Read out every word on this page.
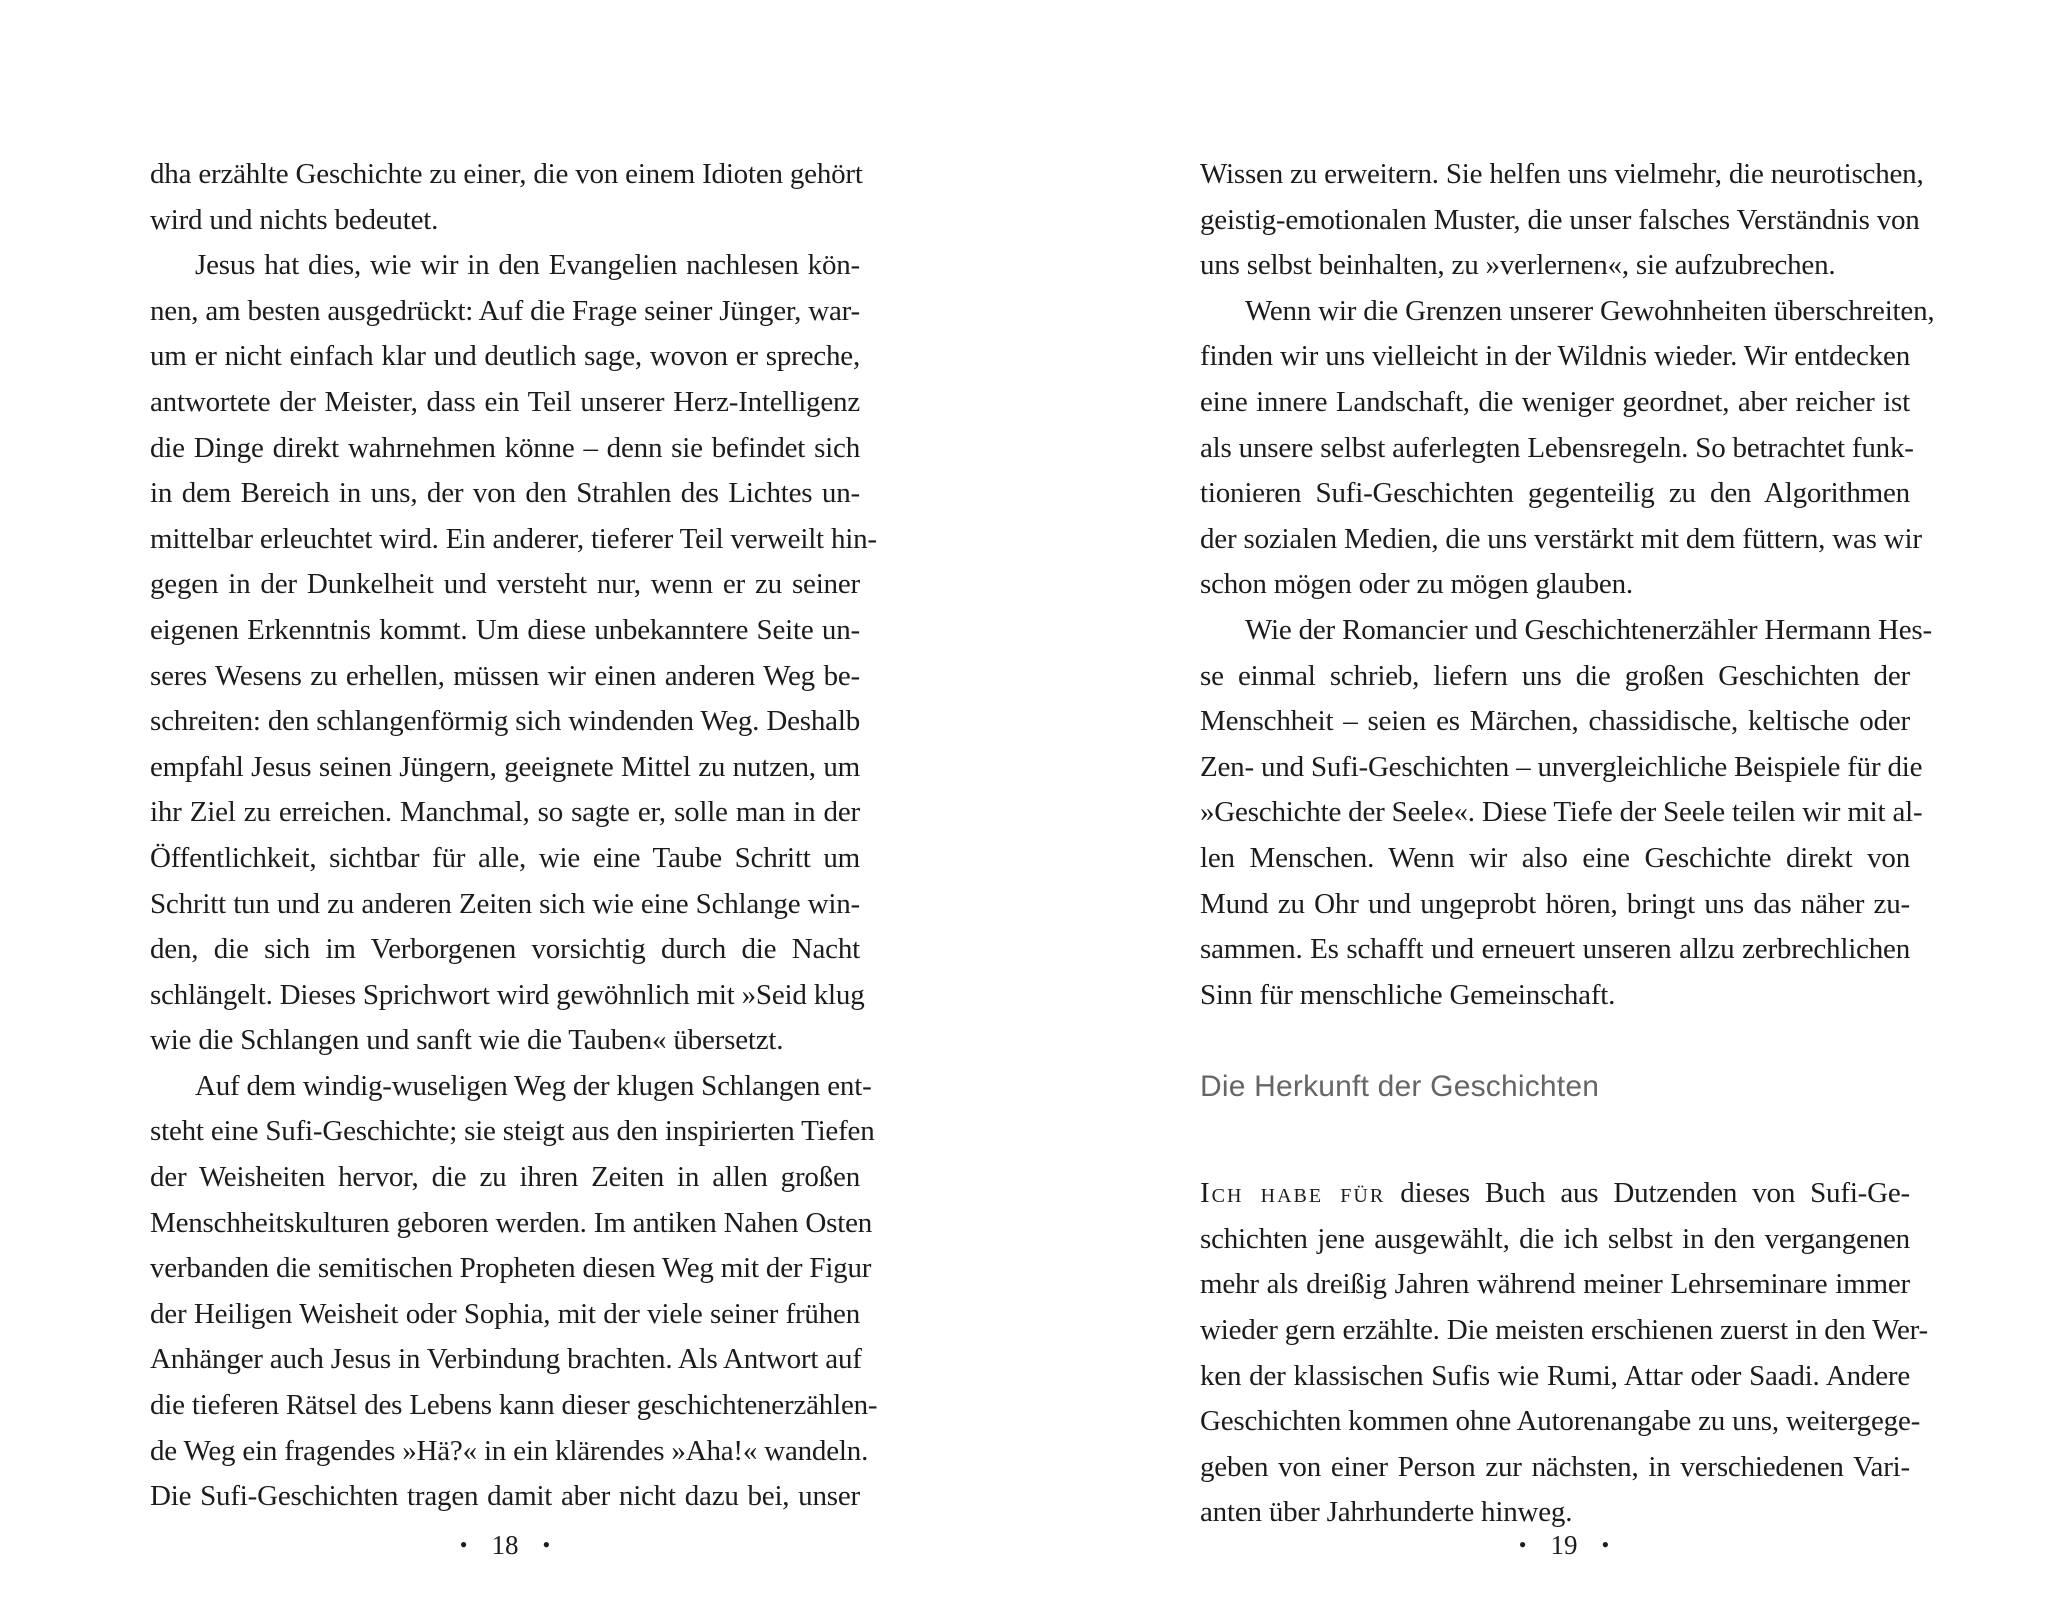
dha erzählte Geschichte zu einer, die von einem Idioten gehört
wird und nichts bedeutet.
Jesus hat dies, wie wir in den Evangelien nachlesen kön-
nen, am besten ausgedrückt: Auf die Frage seiner Jünger, war-
um er nicht einfach klar und deutlich sage, wovon er spreche,
antwortete der Meister, dass ein Teil unserer Herz-Intelligenz
die Dinge direkt wahrnehmen könne – denn sie befindet sich
in dem Bereich in uns, der von den Strahlen des Lichtes un-
mittelbar erleuchtet wird. Ein anderer, tieferer Teil verweilt hin-
gegen in der Dunkelheit und versteht nur, wenn er zu seiner
eigenen Erkenntnis kommt. Um diese unbekanntere Seite un-
seres Wesens zu erhellen, müssen wir einen anderen Weg be-
schreiten: den schlangenförmig sich windenden Weg. Deshalb
empfahl Jesus seinen Jüngern, geeignete Mittel zu nutzen, um
ihr Ziel zu erreichen. Manchmal, so sagte er, solle man in der
Öffentlichkeit, sichtbar für alle, wie eine Taube Schritt um
Schritt tun und zu anderen Zeiten sich wie eine Schlange win-
den, die sich im Verborgenen vorsichtig durch die Nacht
schlängelt. Dieses Sprichwort wird gewöhnlich mit »Seid klug
wie die Schlangen und sanft wie die Tauben« übersetzt.
Auf dem windig-wuseligen Weg der klugen Schlangen ent-
steht eine Sufi-Geschichte; sie steigt aus den inspirierten Tiefen
der Weisheiten hervor, die zu ihren Zeiten in allen großen
Menschheitskulturen geboren werden. Im antiken Nahen Osten
verbanden die semitischen Propheten diesen Weg mit der Figur
der Heiligen Weisheit oder Sophia, mit der viele seiner frühen
Anhänger auch Jesus in Verbindung brachten. Als Antwort auf
die tieferen Rätsel des Lebens kann dieser geschichtenerzählen-
de Weg ein fragendes »Hä?« in ein klärendes »Aha!« wandeln.
Die Sufi-Geschichten tragen damit aber nicht dazu bei, unser
• 18 •
Wissen zu erweitern. Sie helfen uns vielmehr, die neurotischen,
geistig-emotionalen Muster, die unser falsches Verständnis von
uns selbst beinhalten, zu »verlernen«, sie aufzubrechen.
Wenn wir die Grenzen unserer Gewohnheiten überschreiten,
finden wir uns vielleicht in der Wildnis wieder. Wir entdecken
eine innere Landschaft, die weniger geordnet, aber reicher ist
als unsere selbst auferlegten Lebensregeln. So betrachtet funk-
tionieren Sufi-Geschichten gegenteilig zu den Algorithmen
der sozialen Medien, die uns verstärkt mit dem füttern, was wir
schon mögen oder zu mögen glauben.
Wie der Romancier und Geschichtenerzähler Hermann Hes-
se einmal schrieb, liefern uns die großen Geschichten der
Menschheit – seien es Märchen, chassidische, keltische oder
Zen- und Sufi-Geschichten – unvergleichliche Beispiele für die
»Geschichte der Seele«. Diese Tiefe der Seele teilen wir mit al-
len Menschen. Wenn wir also eine Geschichte direkt von
Mund zu Ohr und ungeprobt hören, bringt uns das näher zu-
sammen. Es schafft und erneuert unseren allzu zerbrechlichen
Sinn für menschliche Gemeinschaft.
Die Herkunft der Geschichten
Ich habe für dieses Buch aus Dutzenden von Sufi-Ge-
schichten jene ausgewählt, die ich selbst in den vergangenen
mehr als dreißig Jahren während meiner Lehrseminare immer
wieder gern erzählte. Die meisten erschienen zuerst in den Wer-
ken der klassischen Sufis wie Rumi, Attar oder Saadi. Andere
Geschichten kommen ohne Autorenangabe zu uns, weitergege-
geben von einer Person zur nächsten, in verschiedenen Vari-
anten über Jahrhunderte hinweg.
• 19 •
